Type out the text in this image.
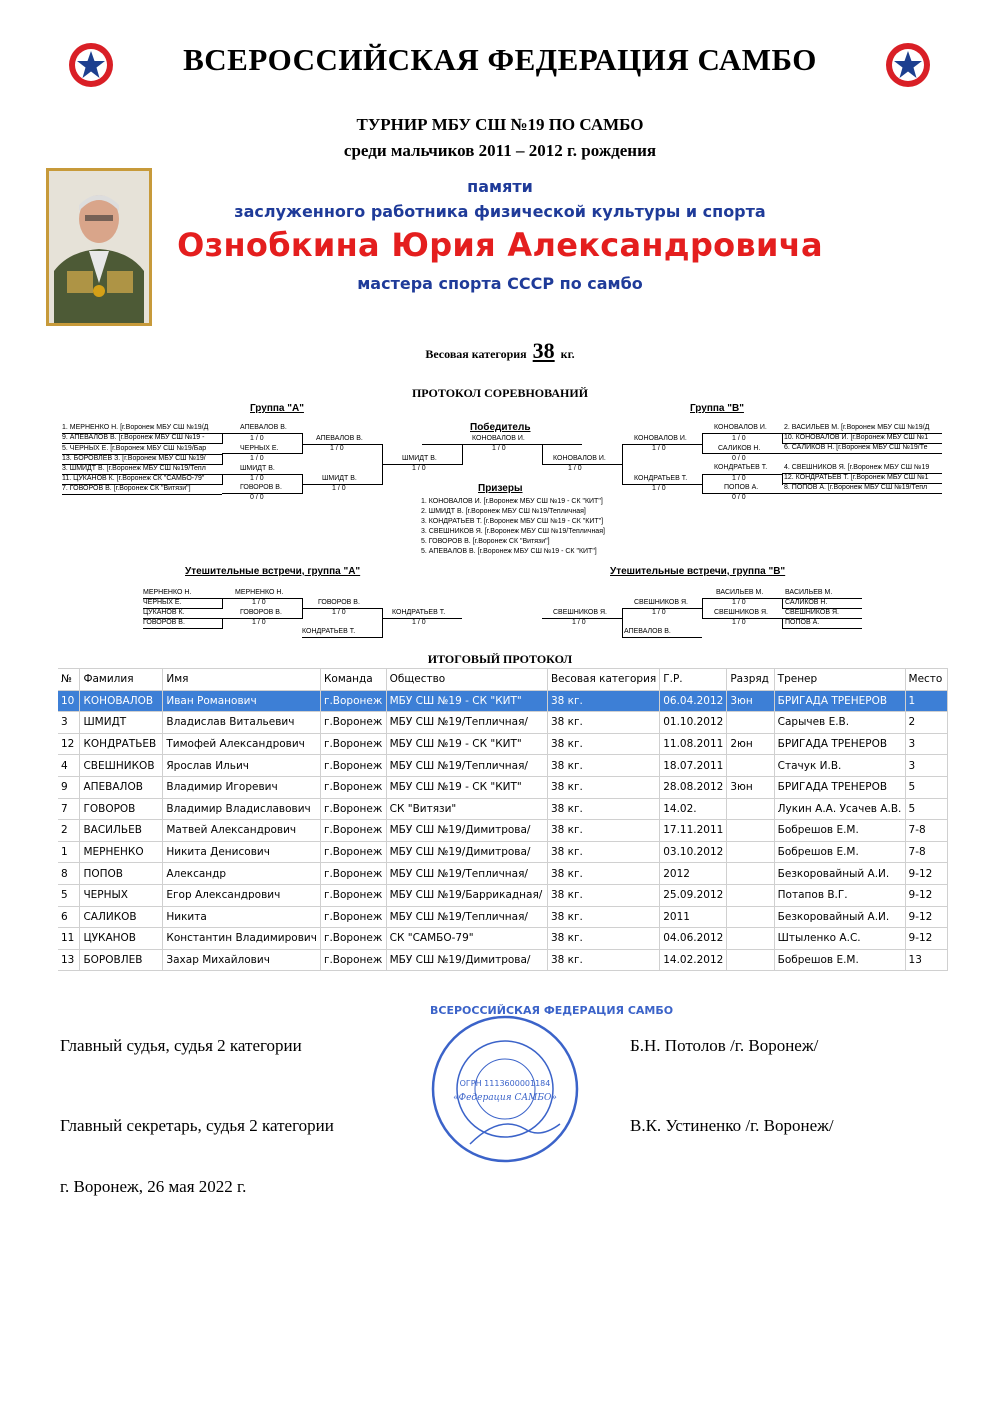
ВСЕРОССИЙСКАЯ ФЕДЕРАЦИЯ САМБО
ТУРНИР МБУ СШ №19 ПО САМБО
среди мальчиков 2011 – 2012 г. рождения
памяти
заслуженного работника физической культуры и спорта
Ознобкина Юрия Александровича
мастера спорта СССР по самбо
Весовая категория 38 кг.
ПРОТОКОЛ СОРЕВНОВАНИЙ
Группа "А"
1. МЕРНЕНКО Н. [г.Воронеж МБУ СШ №19/Д
9. АПЕВАЛОВ В. [г.Воронеж МБУ СШ №19 -
5. ЧЕРНЫХ Е. [г.Воронеж МБУ СШ №19/Бар
13. БОРОВЛЕВ З. [г.Воронеж МБУ СШ №19/
3. ШМИДТ В. [г.Воронеж МБУ СШ №19/Тепл
11. ЦУКАНОВ К. [г.Воронеж СК "САМБО-79"
7. ГОВОРОВ В. [г.Воронеж СК "Витязи"]
АПЕВАЛОВ В.
1 / 0
ЧЕРНЫХ Е.
1 / 0
ШМИДТ В.
1 / 0
ГОВОРОВ В.
0 / 0
АПЕВАЛОВ В.
1 / 0
ШМИДТ В.
1 / 0
ШМИДТ В.
1 / 0
Победитель
КОНОВАЛОВ И.
1 / 0
Призеры
1. КОНОВАЛОВ И. [г.Воронеж МБУ СШ №19 - СК "КИТ"]
2. ШМИДТ В. [г.Воронеж МБУ СШ №19/Тепличная]
3. КОНДРАТЬЕВ Т. [г.Воронеж МБУ СШ №19 - СК "КИТ"]
3. СВЕШНИКОВ Я. [г.Воронеж МБУ СШ №19/Тепличная]
5. ГОВОРОВ В. [г.Воронеж СК "Витязи"]
5. АПЕВАЛОВ В. [г.Воронеж МБУ СШ №19 - СК "КИТ"]
Группа "В"
КОНОВАЛОВ И.
1 / 0
КОНОВАЛОВ И.
1 / 0
КОНДРАТЬЕВ Т.
1 / 0
КОНОВАЛОВ И.
1 / 0
САЛИКОВ Н.
0 / 0
КОНДРАТЬЕВ Т.
1 / 0
ПОПОВ А.
0 / 0
2. ВАСИЛЬЕВ М. [г.Воронеж МБУ СШ №19/Д
10. КОНОВАЛОВ И. [г.Воронеж МБУ СШ №1
6. САЛИКОВ Н. [г.Воронеж МБУ СШ №19/Те
4. СВЕШНИКОВ Я. [г.Воронеж МБУ СШ №19
12. КОНДРАТЬЕВ Т. [г.Воронеж МБУ СШ №1
8. ПОПОВ А. [г.Воронеж МБУ СШ №19/Тепл
Утешительные встречи, группа "А"
МЕРНЕНКО Н.
ЧЕРНЫХ Е.
ЦУКАНОВ К.
ГОВОРОВ В.
МЕРНЕНКО Н.
1 / 0
ГОВОРОВ В.
1 / 0
ГОВОРОВ В.
1 / 0
КОНДРАТЬЕВ Т.
КОНДРАТЬЕВ Т.
1 / 0
Утешительные встречи, группа "В"
СВЕШНИКОВ Я.
1 / 0
СВЕШНИКОВ Я.
1 / 0
АПЕВАЛОВ В.
ВАСИЛЬЕВ М.
1 / 0
СВЕШНИКОВ Я.
1 / 0
ВАСИЛЬЕВ М.
САЛИКОВ Н.
СВЕШНИКОВ Я.
ПОПОВ А.
ИТОГОВЫЙ ПРОТОКОЛ
№	Фамилия	Имя	Команда	Общество	Весовая категория	Г.Р.	Разряд	Тренер	Место
10	КОНОВАЛОВ	Иван Романович	г.Воронеж	МБУ СШ №19 - СК "КИТ"	38 кг.	06.04.2012	3юн	БРИГАДА ТРЕНЕРОВ	1
3	ШМИДТ	Владислав Витальевич	г.Воронеж	МБУ СШ №19/Тепличная/	38 кг.	01.10.2012		Сарычев Е.В.	2
12	КОНДРАТЬЕВ	Тимофей Александрович	г.Воронеж	МБУ СШ №19 - СК "КИТ"	38 кг.	11.08.2011	2юн	БРИГАДА ТРЕНЕРОВ	3
4	СВЕШНИКОВ	Ярослав Ильич	г.Воронеж	МБУ СШ №19/Тепличная/	38 кг.	18.07.2011		Стачук И.В.	3
9	АПЕВАЛОВ	Владимир Игоревич	г.Воронеж	МБУ СШ №19 - СК "КИТ"	38 кг.	28.08.2012	3юн	БРИГАДА ТРЕНЕРОВ	5
7	ГОВОРОВ	Владимир Владиславович	г.Воронеж	СК "Витязи"	38 кг.	14.02.		Лукин А.А. Усачев А.В.	5
2	ВАСИЛЬЕВ	Матвей Александрович	г.Воронеж	МБУ СШ №19/Димитрова/	38 кг.	17.11.2011		Бобрешов Е.М.	7-8
1	МЕРНЕНКО	Никита Денисович	г.Воронеж	МБУ СШ №19/Димитрова/	38 кг.	03.10.2012		Бобрешов Е.М.	7-8
8	ПОПОВ	Александр	г.Воронеж	МБУ СШ №19/Тепличная/	38 кг.	2012		Безкоровайный А.И.	9-12
5	ЧЕРНЫХ	Егор Александрович	г.Воронеж	МБУ СШ №19/Баррикадная/	38 кг.	25.09.2012		Потапов В.Г.	9-12
6	САЛИКОВ	Никита	г.Воронеж	МБУ СШ №19/Тепличная/	38 кг.	2011		Безкоровайный А.И.	9-12
11	ЦУКАНОВ	Константин Владимирович	г.Воронеж	СК "САМБО-79"	38 кг.	04.06.2012		Штыленко А.С.	9-12
13	БОРОВЛЕВ	Захар Михайлович	г.Воронеж	МБУ СШ №19/Димитрова/	38 кг.	14.02.2012		Бобрешов Е.М.	13
Главный судья, судья 2 категории	Б.Н. Потолов /г. Воронеж/
Главный секретарь, судья 2 категории	В.К. Устиненко /г. Воронеж/
г. Воронеж, 26 мая 2022 г.
ВСЕРОССИЙСКАЯ ФЕДЕРАЦИЯ САМБО
ОГРН 1113600001184
«Федерация САМБО»
